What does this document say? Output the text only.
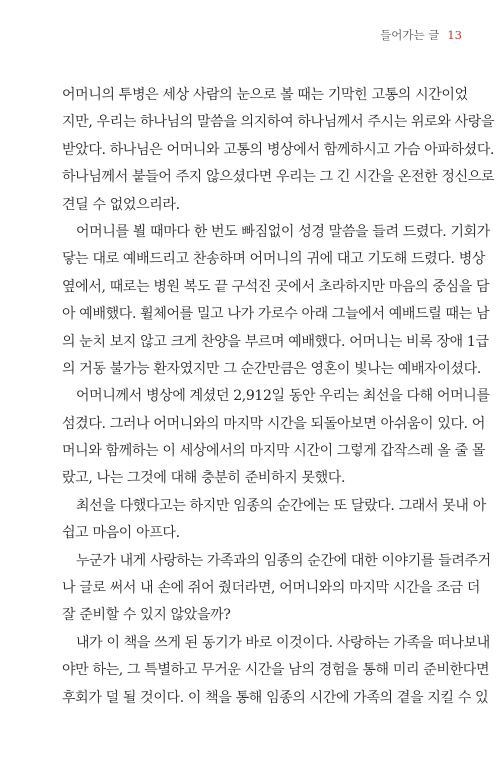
들어가는 글 13
어머니의 투병은 세상 사람의 눈으로 볼 때는 기막힌 고통의 시간이었
지만, 우리는 하나님의 말씀을 의지하여 하나님께서 주시는 위로와 사랑을
받았다. 하나님은 어머니와 고통의 병상에서 함께하시고 가슴 아파하셨다.
하나님께서 붙들어 주지 않으셨다면 우리는 그 긴 시간을 온전한 정신으로
견딜 수 없었으리라.
어머니를 뵐 때마다 한 번도 빠짐없이 성경 말씀을 들려 드렸다. 기회가
닿는 대로 예배드리고 찬송하며 어머니의 귀에 대고 기도해 드렸다. 병상
옆에서, 때로는 병원 복도 끝 구석진 곳에서 초라하지만 마음의 중심을 담
아 예배했다. 휠체어를 밀고 나가 가로수 아래 그늘에서 예배드릴 때는 남
의 눈치 보지 않고 크게 찬양을 부르며 예배했다. 어머니는 비록 장애 1급
의 거동 불가능 환자였지만 그 순간만큼은 영혼이 빛나는 예배자이셨다.
어머니께서 병상에 계셨던 2,912일 동안 우리는 최선을 다해 어머니를
섬겼다. 그러나 어머니와의 마지막 시간을 되돌아보면 아쉬움이 있다. 어
머니와 함께하는 이 세상에서의 마지막 시간이 그렇게 갑작스레 올 줄 몰
랐고, 나는 그것에 대해 충분히 준비하지 못했다.
최선을 다했다고는 하지만 임종의 순간에는 또 달랐다. 그래서 못내 아
쉽고 마음이 아프다.
누군가 내게 사랑하는 가족과의 임종의 순간에 대한 이야기를 들려주거
나 글로 써서 내 손에 쥐어 줬더라면, 어머니와의 마지막 시간을 조금 더
잘 준비할 수 있지 않았을까?
내가 이 책을 쓰게 된 동기가 바로 이것이다. 사랑하는 가족을 떠나보내
야만 하는, 그 특별하고 무거운 시간을 남의 경험을 통해 미리 준비한다면
후회가 덜 될 것이다. 이 책을 통해 임종의 시간에 가족의 곁을 지킬 수 있
